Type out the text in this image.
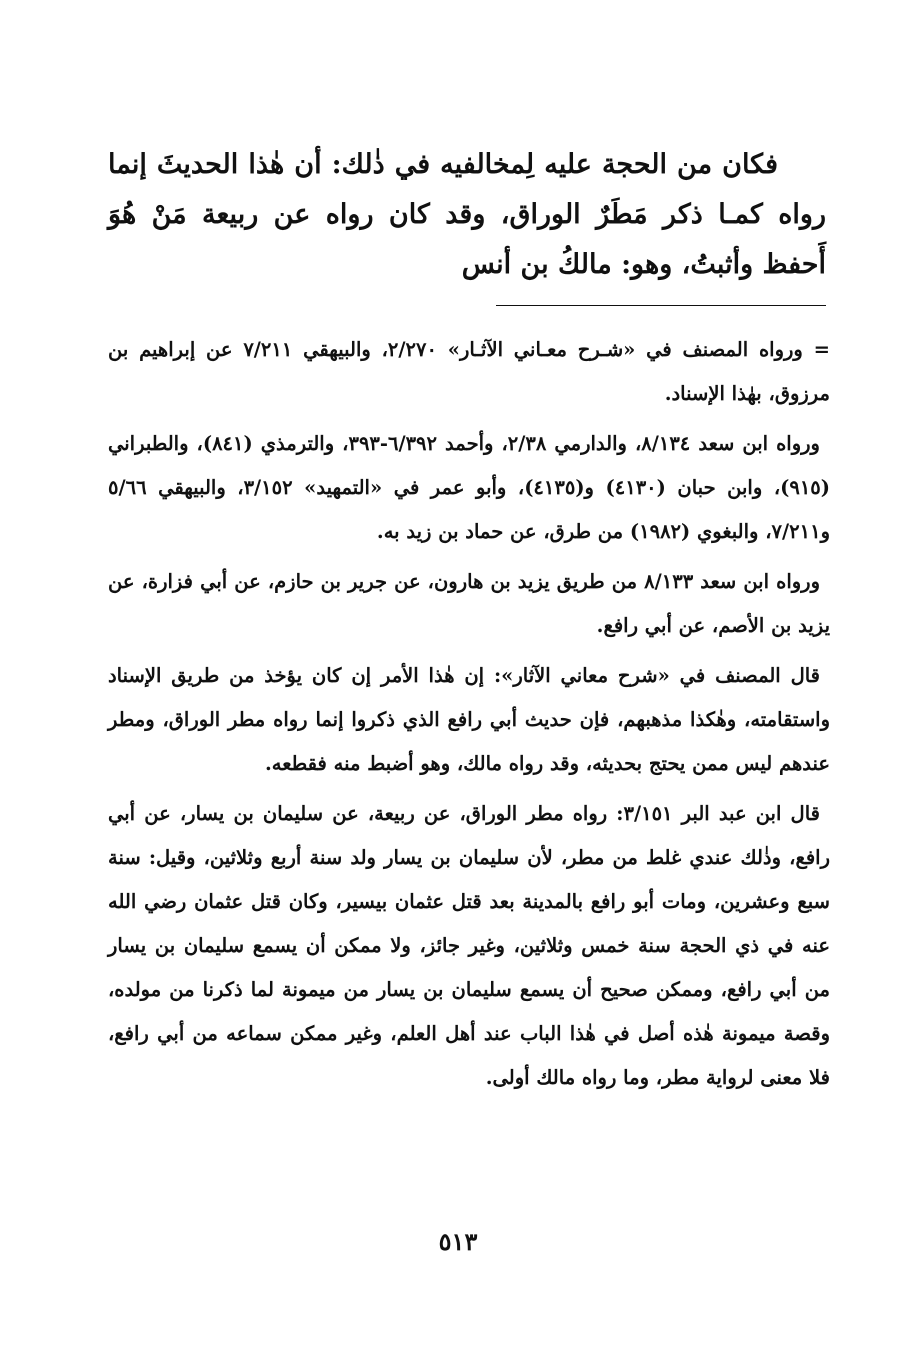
فكان من الحجة عليه لِمخالفيه في ذٰلك: أن هٰذا الحديثَ إنما رواه كمـا ذكر مَطَرٌ الوراق، وقد كان رواه عن ربيعة مَنْ هُوَ أَحفظ وأثبتُ، وهو: مالكُ بن أنس

= ورواه المصنف في «شـرح معـاني الآثـار» ٢/٢٧٠، والبيهقي ٧/٢١١ عن إبراهيم بن مرزوق، بهٰذا الإسناد.

ورواه ابن سعد ٨/١٣٤، والدارمي ٢/٣٨، وأحمد ٦/٣٩٢-٣٩٣، والترمذي (٨٤١)، والطبراني (٩١٥)، وابن حبان (٤١٣٠) و(٤١٣٥)، وأبو عمر في «التمهيد» ٣/١٥٢، والبيهقي ٥/٦٦ و٧/٢١١، والبغوي (١٩٨٢) من طرق، عن حماد بن زيد به.

ورواه ابن سعد ٨/١٣٣ من طريق يزيد بن هارون، عن جرير بن حازم، عن أبي فزارة، عن يزيد بن الأصم، عن أبي رافع.

قال المصنف في «شرح معاني الآثار»: إن هٰذا الأمر إن كان يؤخذ من طريق الإسناد واستقامته، وهٰكذا مذهبهم، فإن حديث أبي رافع الذي ذكروا إنما رواه مطر الوراق، ومطر عندهم ليس ممن يحتج بحديثه، وقد رواه مالك، وهو أضبط منه فقطعه.

قال ابن عبد البر ٣/١٥١: رواه مطر الوراق، عن ربيعة، عن سليمان بن يسار، عن أبي رافع، وذٰلك عندي غلط من مطر، لأن سليمان بن يسار ولد سنة أربع وثلاثين، وقيل: سنة سبع وعشرين، ومات أبو رافع بالمدينة بعد قتل عثمان بيسير، وكان قتل عثمان رضي الله عنه في ذي الحجة سنة خمس وثلاثين، وغير جائز، ولا ممكن أن يسمع سليمان بن يسار من أبي رافع، وممكن صحيح أن يسمع سليمان بن يسار من ميمونة لما ذكرنا من مولده، وقصة ميمونة هٰذه أصل في هٰذا الباب عند أهل العلم، وغير ممكن سماعه من أبي رافع، فلا معنى لرواية مطر، وما رواه مالك أولى.

٥١٣
